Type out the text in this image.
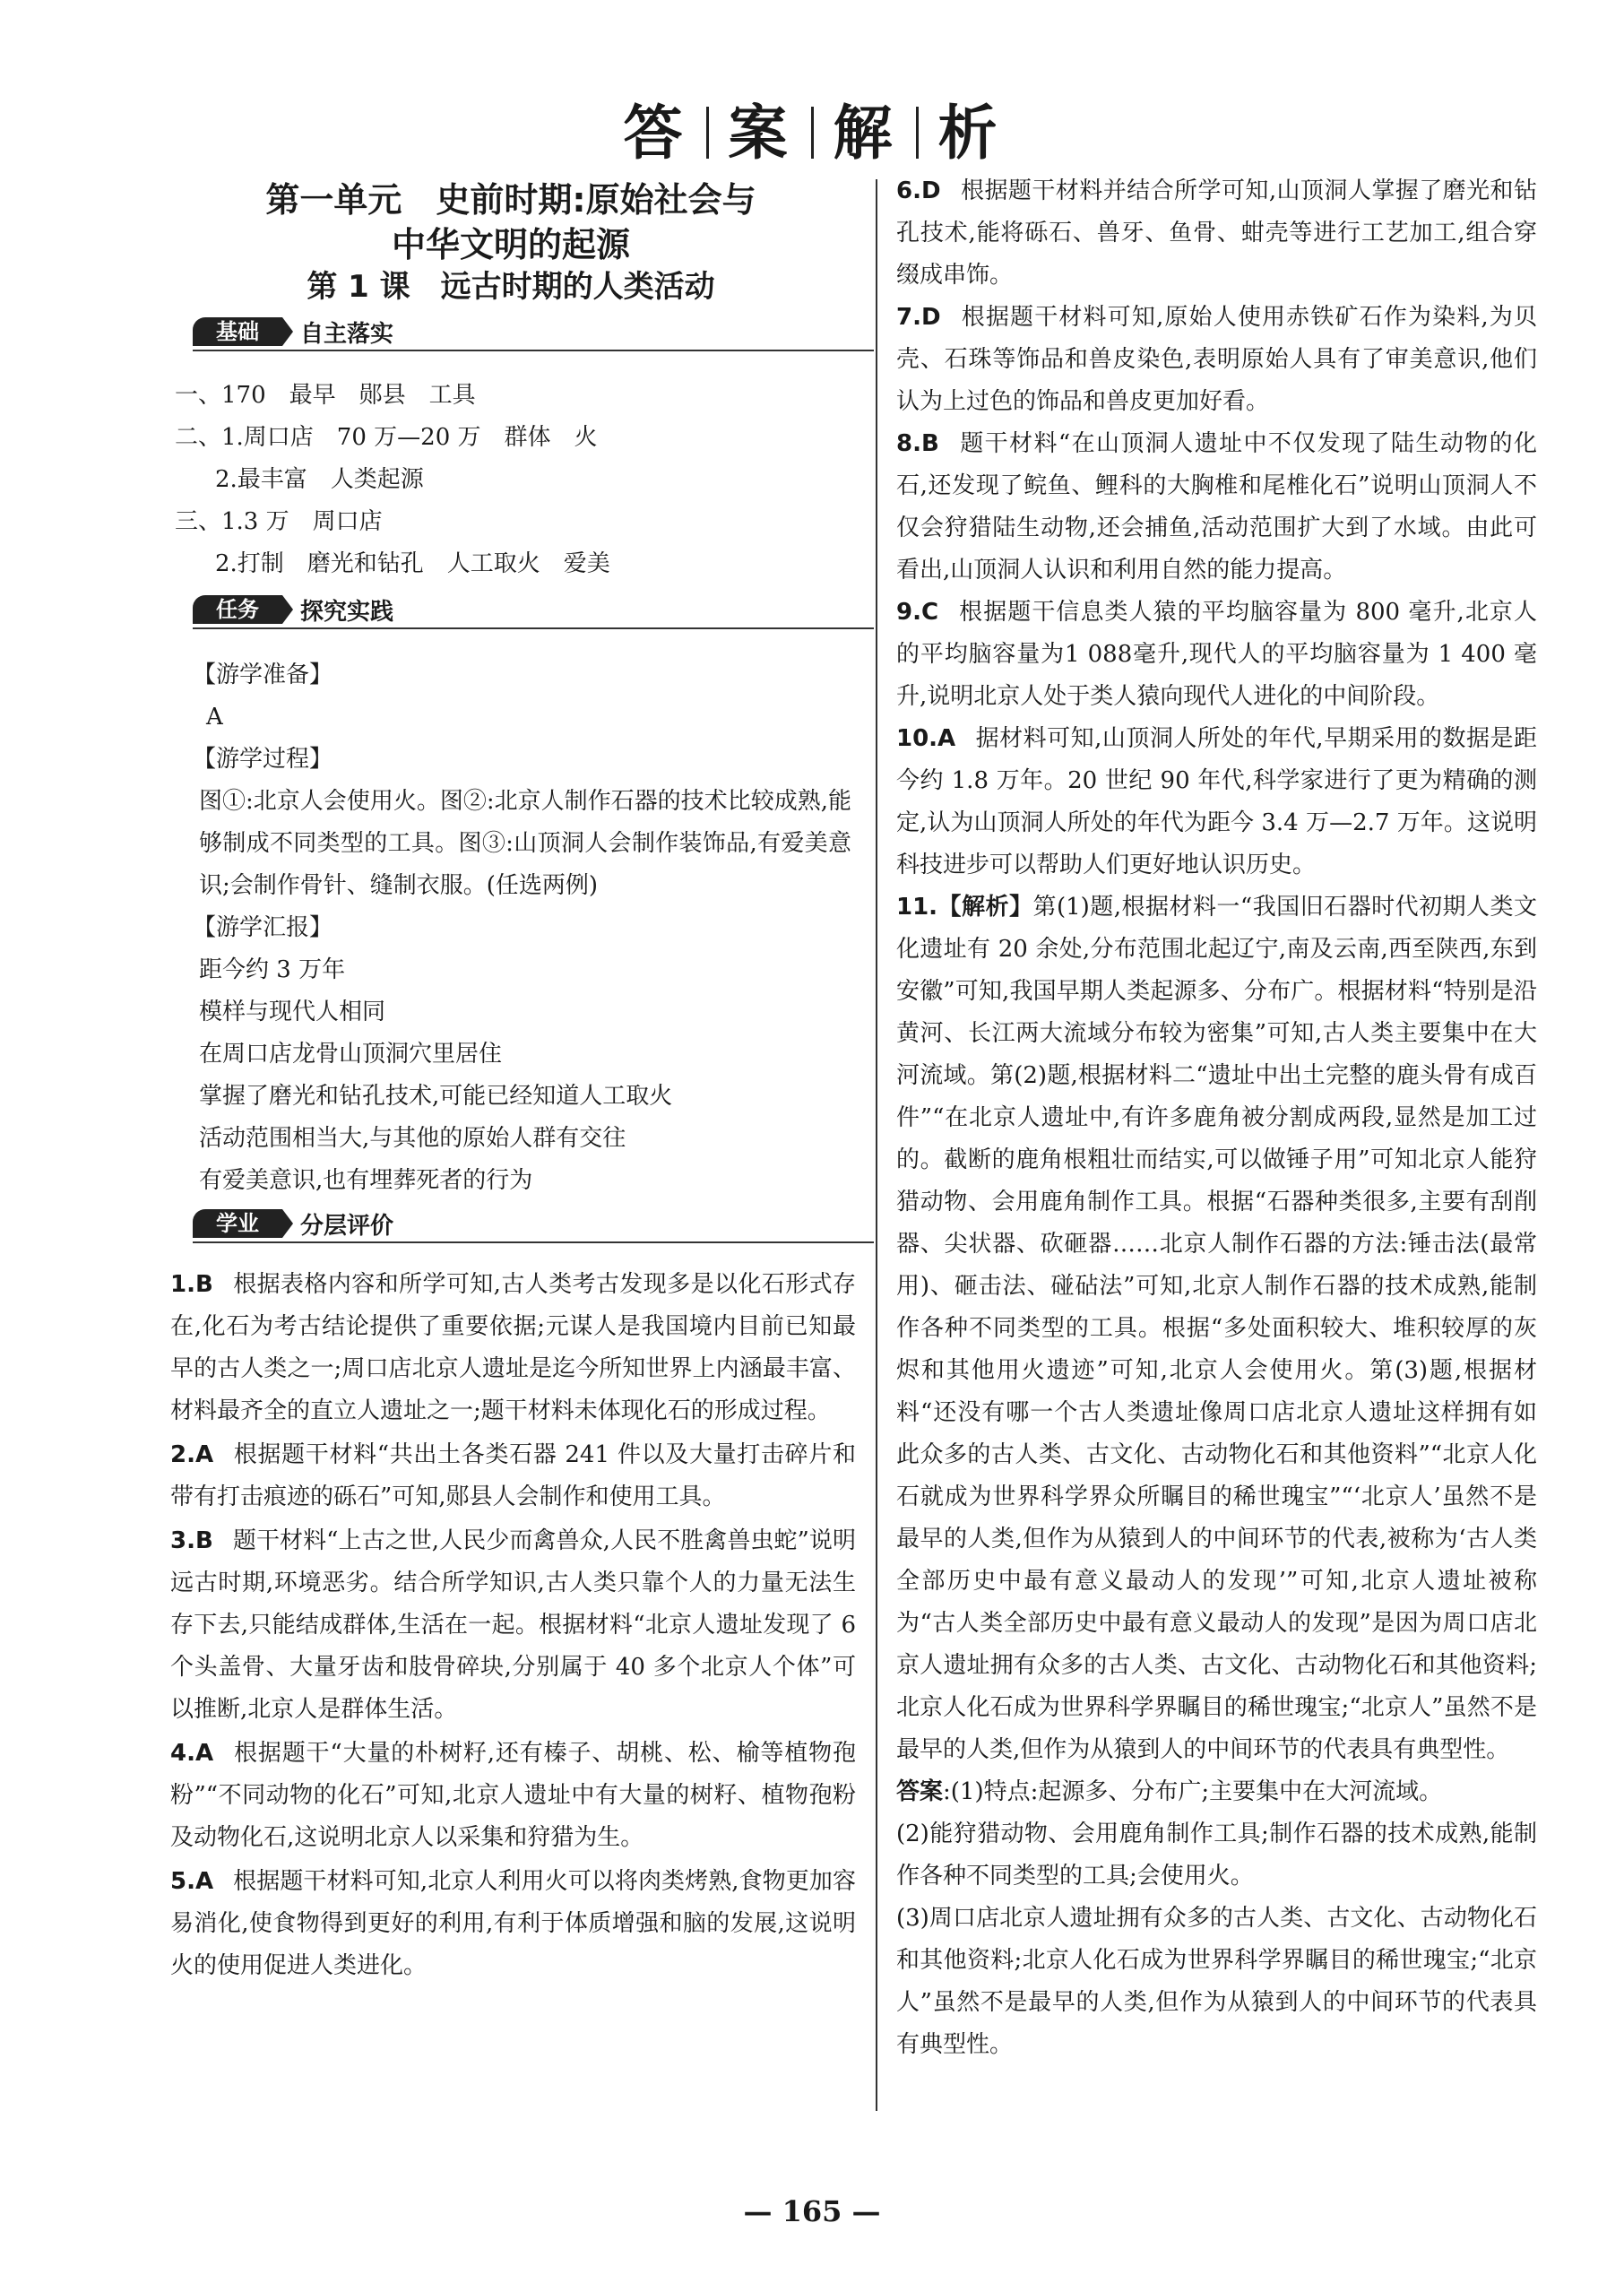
答 案 解 析
第一单元　史前时期:原始社会与
中华文明的起源
第 1 课　远古时期的人类活动
基础	自主落实
一、170　最早　郧县　工具
二、1.周口店　70 万—20 万　群体　火
2.最丰富　人类起源
三、1.3 万　周口店
2.打制　磨光和钻孔　人工取火　爱美
任务	探究实践
【游学准备】
A
【游学过程】
图①:北京人会使用火。图②:北京人制作石器的技术比较成熟,能够制成不同类型的工具。图③:山顶洞人会制作装饰品,有爱美意识;会制作骨针、缝制衣服。(任选两例)
【游学汇报】
距今约 3 万年
模样与现代人相同
在周口店龙骨山顶洞穴里居住
掌握了磨光和钻孔技术,可能已经知道人工取火
活动范围相当大,与其他的原始人群有交往
有爱美意识,也有埋葬死者的行为
学业	分层评价
1.B 根据表格内容和所学可知,古人类考古发现多是以化石形式存在,化石为考古结论提供了重要依据;元谋人是我国境内目前已知最早的古人类之一;周口店北京人遗址是迄今所知世界上内涵最丰富、材料最齐全的直立人遗址之一;题干材料未体现化石的形成过程。
2.A 根据题干材料“共出土各类石器 241 件以及大量打击碎片和带有打击痕迹的砾石”可知,郧县人会制作和使用工具。
3.B 题干材料“上古之世,人民少而禽兽众,人民不胜禽兽虫蛇”说明远古时期,环境恶劣。结合所学知识,古人类只靠个人的力量无法生存下去,只能结成群体,生活在一起。根据材料“北京人遗址发现了 6 个头盖骨、大量牙齿和肢骨碎块,分别属于 40 多个北京人个体”可以推断,北京人是群体生活。
4.A 根据题干“大量的朴树籽,还有榛子、胡桃、松、榆等植物孢粉”“不同动物的化石”可知,北京人遗址中有大量的树籽、植物孢粉及动物化石,这说明北京人以采集和狩猎为生。
5.A 根据题干材料可知,北京人利用火可以将肉类烤熟,食物更加容易消化,使食物得到更好的利用,有利于体质增强和脑的发展,这说明火的使用促进人类进化。
6.D 根据题干材料并结合所学可知,山顶洞人掌握了磨光和钻孔技术,能将砾石、兽牙、鱼骨、蚶壳等进行工艺加工,组合穿缀成串饰。
7.D 根据题干材料可知,原始人使用赤铁矿石作为染料,为贝壳、石珠等饰品和兽皮染色,表明原始人具有了审美意识,他们认为上过色的饰品和兽皮更加好看。
8.B 题干材料“在山顶洞人遗址中不仅发现了陆生动物的化石,还发现了鲩鱼、鲤科的大胸椎和尾椎化石”说明山顶洞人不仅会狩猎陆生动物,还会捕鱼,活动范围扩大到了水域。由此可看出,山顶洞人认识和利用自然的能力提高。
9.C 根据题干信息类人猿的平均脑容量为 800 毫升,北京人的平均脑容量为1 088毫升,现代人的平均脑容量为 1 400 毫升,说明北京人处于类人猿向现代人进化的中间阶段。
10.A 据材料可知,山顶洞人所处的年代,早期采用的数据是距今约 1.8 万年。20 世纪 90 年代,科学家进行了更为精确的测定,认为山顶洞人所处的年代为距今 3.4 万—2.7 万年。这说明科技进步可以帮助人们更好地认识历史。
11.【解析】第(1)题,根据材料一“我国旧石器时代初期人类文化遗址有 20 余处,分布范围北起辽宁,南及云南,西至陕西,东到安徽”可知,我国早期人类起源多、分布广。根据材料“特别是沿黄河、长江两大流域分布较为密集”可知,古人类主要集中在大河流域。第(2)题,根据材料二“遗址中出土完整的鹿头骨有成百件”“在北京人遗址中,有许多鹿角被分割成两段,显然是加工过的。截断的鹿角根粗壮而结实,可以做锤子用”可知北京人能狩猎动物、会用鹿角制作工具。根据“石器种类很多,主要有刮削器、尖状器、砍砸器……北京人制作石器的方法:锤击法(最常用)、砸击法、碰砧法”可知,北京人制作石器的技术成熟,能制作各种不同类型的工具。根据“多处面积较大、堆积较厚的灰烬和其他用火遗迹”可知,北京人会使用火。第(3)题,根据材料“还没有哪一个古人类遗址像周口店北京人遗址这样拥有如此众多的古人类、古文化、古动物化石和其他资料”“北京人化石就成为世界科学界众所瞩目的稀世瑰宝”“‘北京人’虽然不是最早的人类,但作为从猿到人的中间环节的代表,被称为‘古人类全部历史中最有意义最动人的发现’”可知,北京人遗址被称为“古人类全部历史中最有意义最动人的发现”是因为周口店北京人遗址拥有众多的古人类、古文化、古动物化石和其他资料;北京人化石成为世界科学界瞩目的稀世瑰宝;“北京人”虽然不是最早的人类,但作为从猿到人的中间环节的代表具有典型性。
答案:(1)特点:起源多、分布广;主要集中在大河流域。
(2)能狩猎动物、会用鹿角制作工具;制作石器的技术成熟,能制作各种不同类型的工具;会使用火。
(3)周口店北京人遗址拥有众多的古人类、古文化、古动物化石和其他资料;北京人化石成为世界科学界瞩目的稀世瑰宝;“北京人”虽然不是最早的人类,但作为从猿到人的中间环节的代表具有典型性。
— 165 —
